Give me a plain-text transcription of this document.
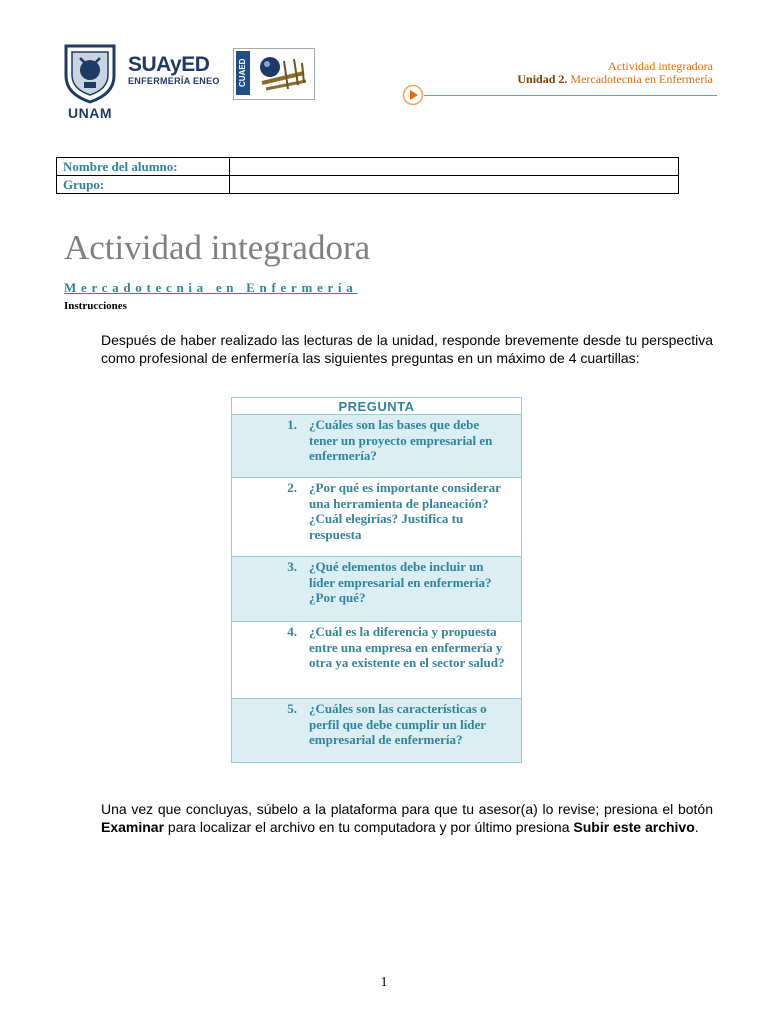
UNAM
SUAyED
ENFERMERÍA ENEO	CUAED	Actividad integradora
Unidad 2. Mercadotecnia en Enfermería
Nombre del alumno:	
Grupo:	
Actividad integradora
Mercadotecnia en Enfermería
Instrucciones
Después de haber realizado las lecturas de la unidad, responde brevemente desde tu perspectiva como profesional de enfermería las siguientes preguntas en un máximo de 4 cuartillas:
PREGUNTA

1. ¿Cuáles son las bases que debe tener un proyecto empresarial en enfermería?

2. ¿Por qué es importante considerar una herramienta de planeación? ¿Cuál elegirías? Justifica tu respuesta

3. ¿Qué elementos debe incluir un líder empresarial en enfermería? ¿Por qué?

4. ¿Cuál es la diferencia y propuesta entre una empresa en enfermería y otra ya existente en el sector salud?

5. ¿Cuáles son las características o perfil que debe cumplir un líder empresarial de enfermería?
Una vez que concluyas, súbelo a la plataforma para que tu asesor(a) lo revise; presiona el botón Examinar para localizar el archivo en tu computadora y por último presiona Subir este archivo.
1
